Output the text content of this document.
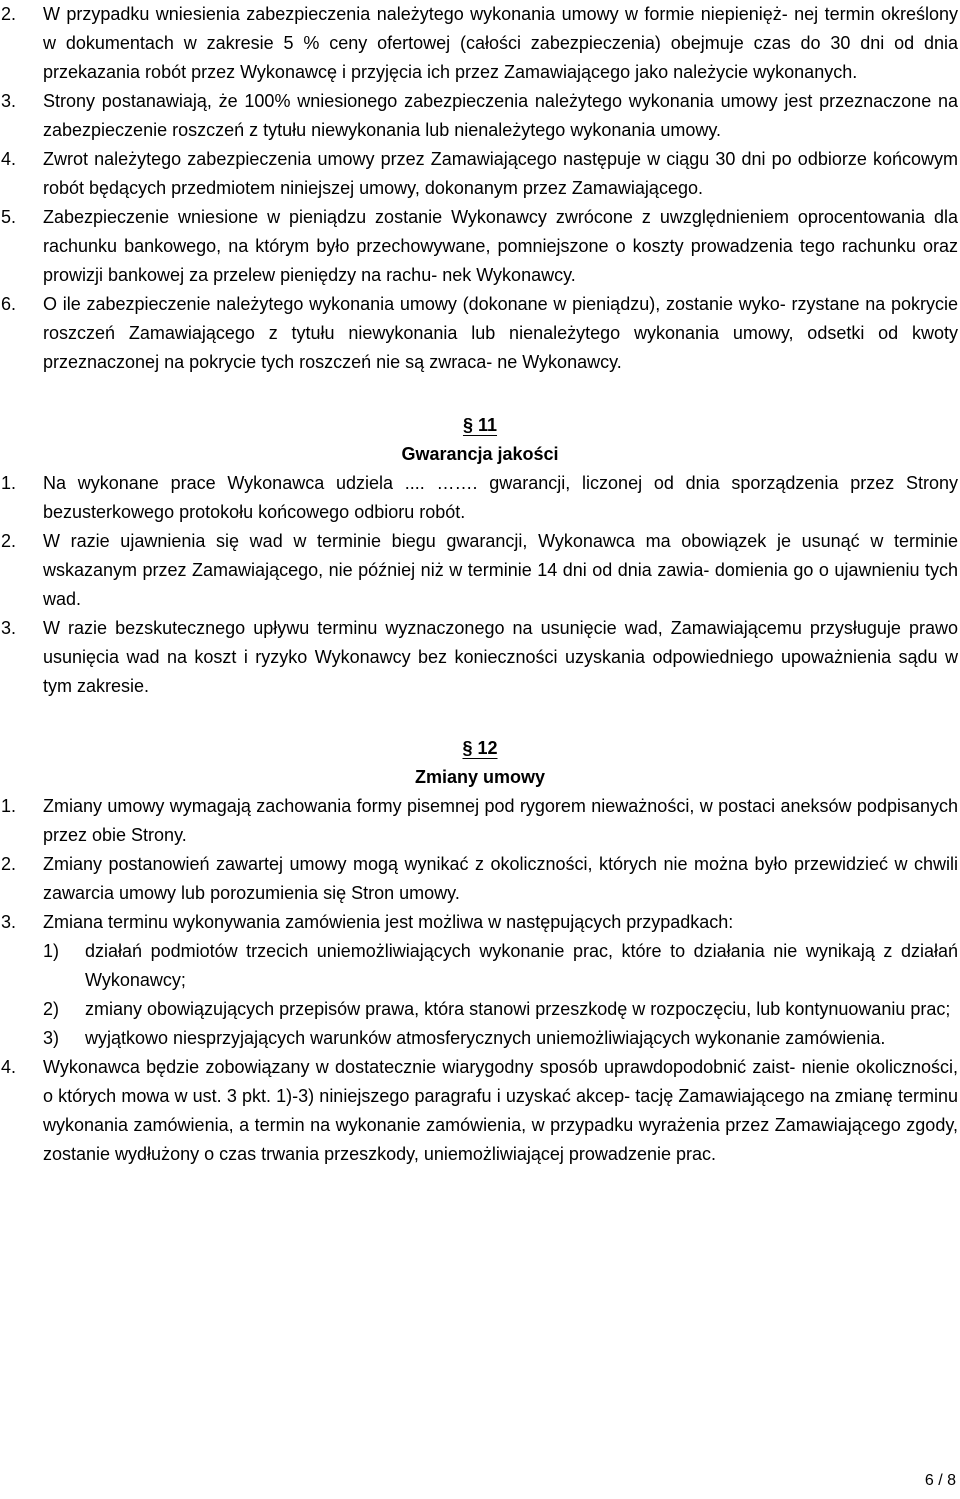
2.	W przypadku wniesienia zabezpieczenia należytego wykonania umowy w formie niepienięż- nej termin określony w dokumentach w zakresie 5 % ceny ofertowej (całości zabezpieczenia) obejmuje czas do 30 dni od dnia przekazania robót przez Wykonawcę i przyjęcia ich przez Zamawiającego jako należycie wykonanych.
3.	Strony postanawiają, że 100% wniesionego zabezpieczenia należytego wykonania umowy jest przeznaczone na zabezpieczenie roszczeń z tytułu niewykonania lub nienależytego wykonania umowy.
4.	Zwrot należytego zabezpieczenia umowy przez Zamawiającego następuje w ciągu 30 dni po odbiorze końcowym robót będących przedmiotem niniejszej umowy, dokonanym przez Zamawiającego.
5.	Zabezpieczenie wniesione w pieniądzu zostanie Wykonawcy zwrócone z uwzględnieniem oprocentowania dla rachunku bankowego, na którym było przechowywane, pomniejszone o koszty prowadzenia tego rachunku oraz prowizji bankowej za przelew pieniędzy na rachu- nek Wykonawcy.
6.	O ile zabezpieczenie należytego wykonania umowy (dokonane w pieniądzu), zostanie wyko- rzystane na pokrycie roszczeń Zamawiającego z tytułu niewykonania lub nienależytego wykonania umowy, odsetki od kwoty przeznaczonej na pokrycie tych roszczeń nie są zwraca- ne Wykonawcy.
§ 11
Gwarancja jakości
1.	Na wykonane prace Wykonawca udziela .... ……. gwarancji, liczonej od dnia sporządzenia przez Strony bezusterkowego protokołu końcowego odbioru robót.
2.	W razie ujawnienia się wad w terminie biegu gwarancji, Wykonawca ma obowiązek je usunąć w terminie wskazanym przez Zamawiającego, nie później niż w terminie 14 dni od dnia zawia- domienia go o ujawnieniu tych wad.
3.	W razie bezskutecznego upływu terminu wyznaczonego na usunięcie wad, Zamawiającemu przysługuje prawo usunięcia wad na koszt i ryzyko Wykonawcy bez konieczności uzyskania odpowiedniego upoważnienia sądu w tym zakresie.
§ 12
Zmiany umowy
1.	Zmiany umowy wymagają zachowania formy pisemnej pod rygorem nieważności, w postaci aneksów podpisanych przez obie Strony.
2.	Zmiany postanowień zawartej umowy mogą wynikać z okoliczności, których nie można było przewidzieć w chwili zawarcia umowy lub porozumienia się Stron umowy.
3.	Zmiana terminu wykonywania zamówienia jest możliwa w następujących przypadkach:
1)	działań podmiotów trzecich uniemożliwiających wykonanie prac, które to działania nie wynikają z działań Wykonawcy;
2)	zmiany obowiązujących przepisów prawa, która stanowi przeszkodę w rozpoczęciu, lub kontynuowaniu prac;
3)	wyjątkowo niesprzyjających warunków atmosferycznych uniemożliwiających wykonanie zamówienia.
4.	Wykonawca będzie zobowiązany w dostatecznie wiarygodny sposób uprawdopodobnić zaist- nienie okoliczności, o których mowa w ust. 3 pkt. 1)-3) niniejszego paragrafu i uzyskać akcep- tację Zamawiającego na zmianę terminu wykonania zamówienia, a termin na wykonanie zamówienia, w przypadku wyrażenia przez Zamawiającego zgody, zostanie wydłużony o czas trwania przeszkody, uniemożliwiającej prowadzenie prac.
6 / 8
